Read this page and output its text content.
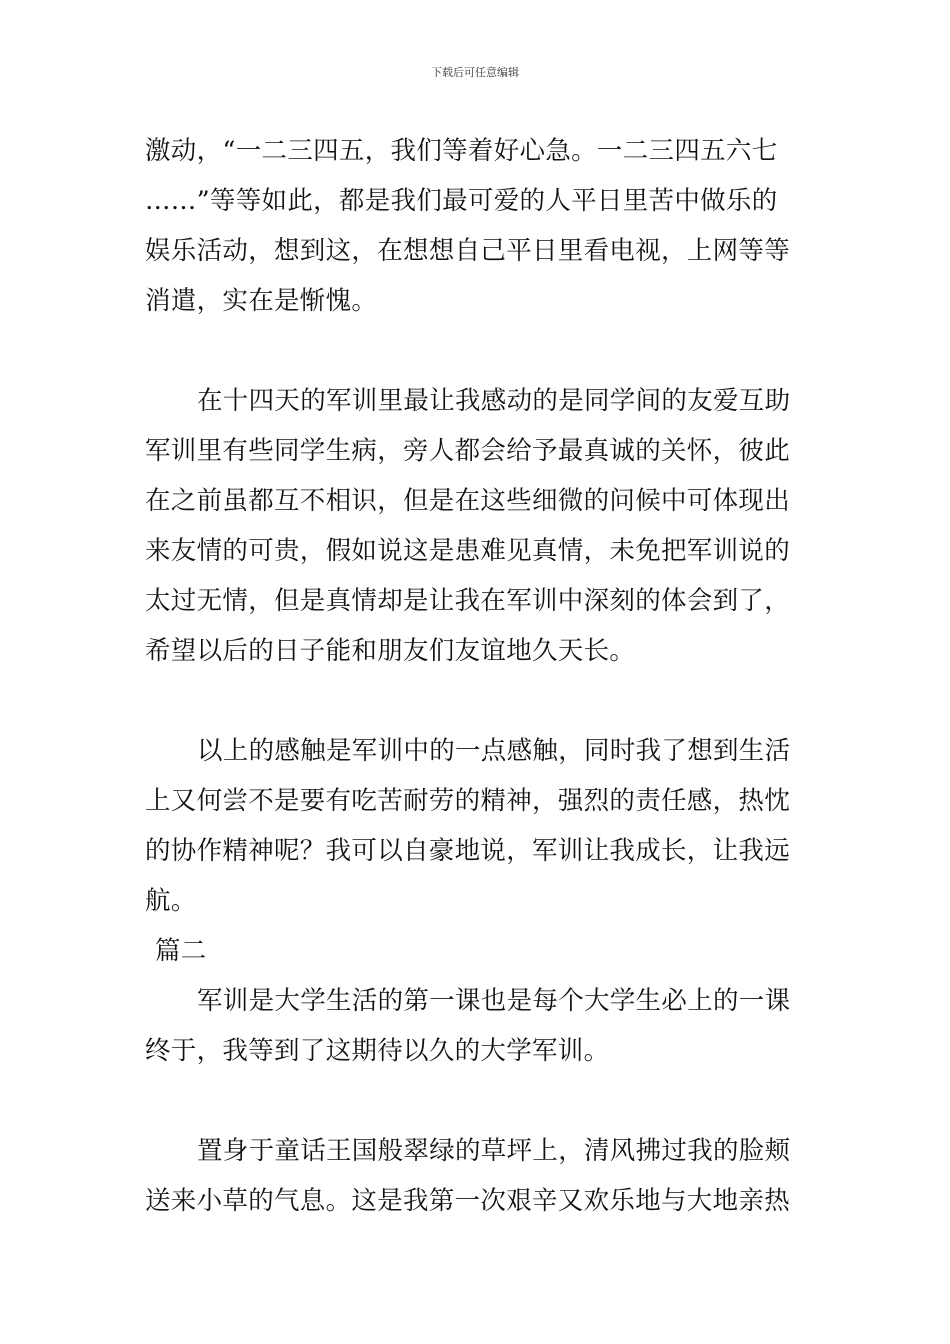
下载后可任意编辑
激动，“一二三四五，我们等着好心急。一二三四五六七
……”等等如此，都是我们最可爱的人平日里苦中做乐的
娱乐活动，想到这，在想想自己平日里看电视，上网等等
消遣，实在是惭愧。
在十四天的军训里最让我感动的是同学间的友爱互助
军训里有些同学生病，旁人都会给予最真诚的关怀，彼此
在之前虽都互不相识，但是在这些细微的问候中可体现出
来友情的可贵，假如说这是患难见真情，未免把军训说的
太过无情，但是真情却是让我在军训中深刻的体会到了，
希望以后的日子能和朋友们友谊地久天长。
以上的感触是军训中的一点感触，同时我了想到生活
上又何尝不是要有吃苦耐劳的精神，强烈的责任感，热忱
的协作精神呢？我可以自豪地说，军训让我成长，让我远
航。
篇二
军训是大学生活的第一课也是每个大学生必上的一课
终于，我等到了这期待以久的大学军训。
置身于童话王国般翠绿的草坪上，清风拂过我的脸颊
送来小草的气息。这是我第一次艰辛又欢乐地与大地亲热
